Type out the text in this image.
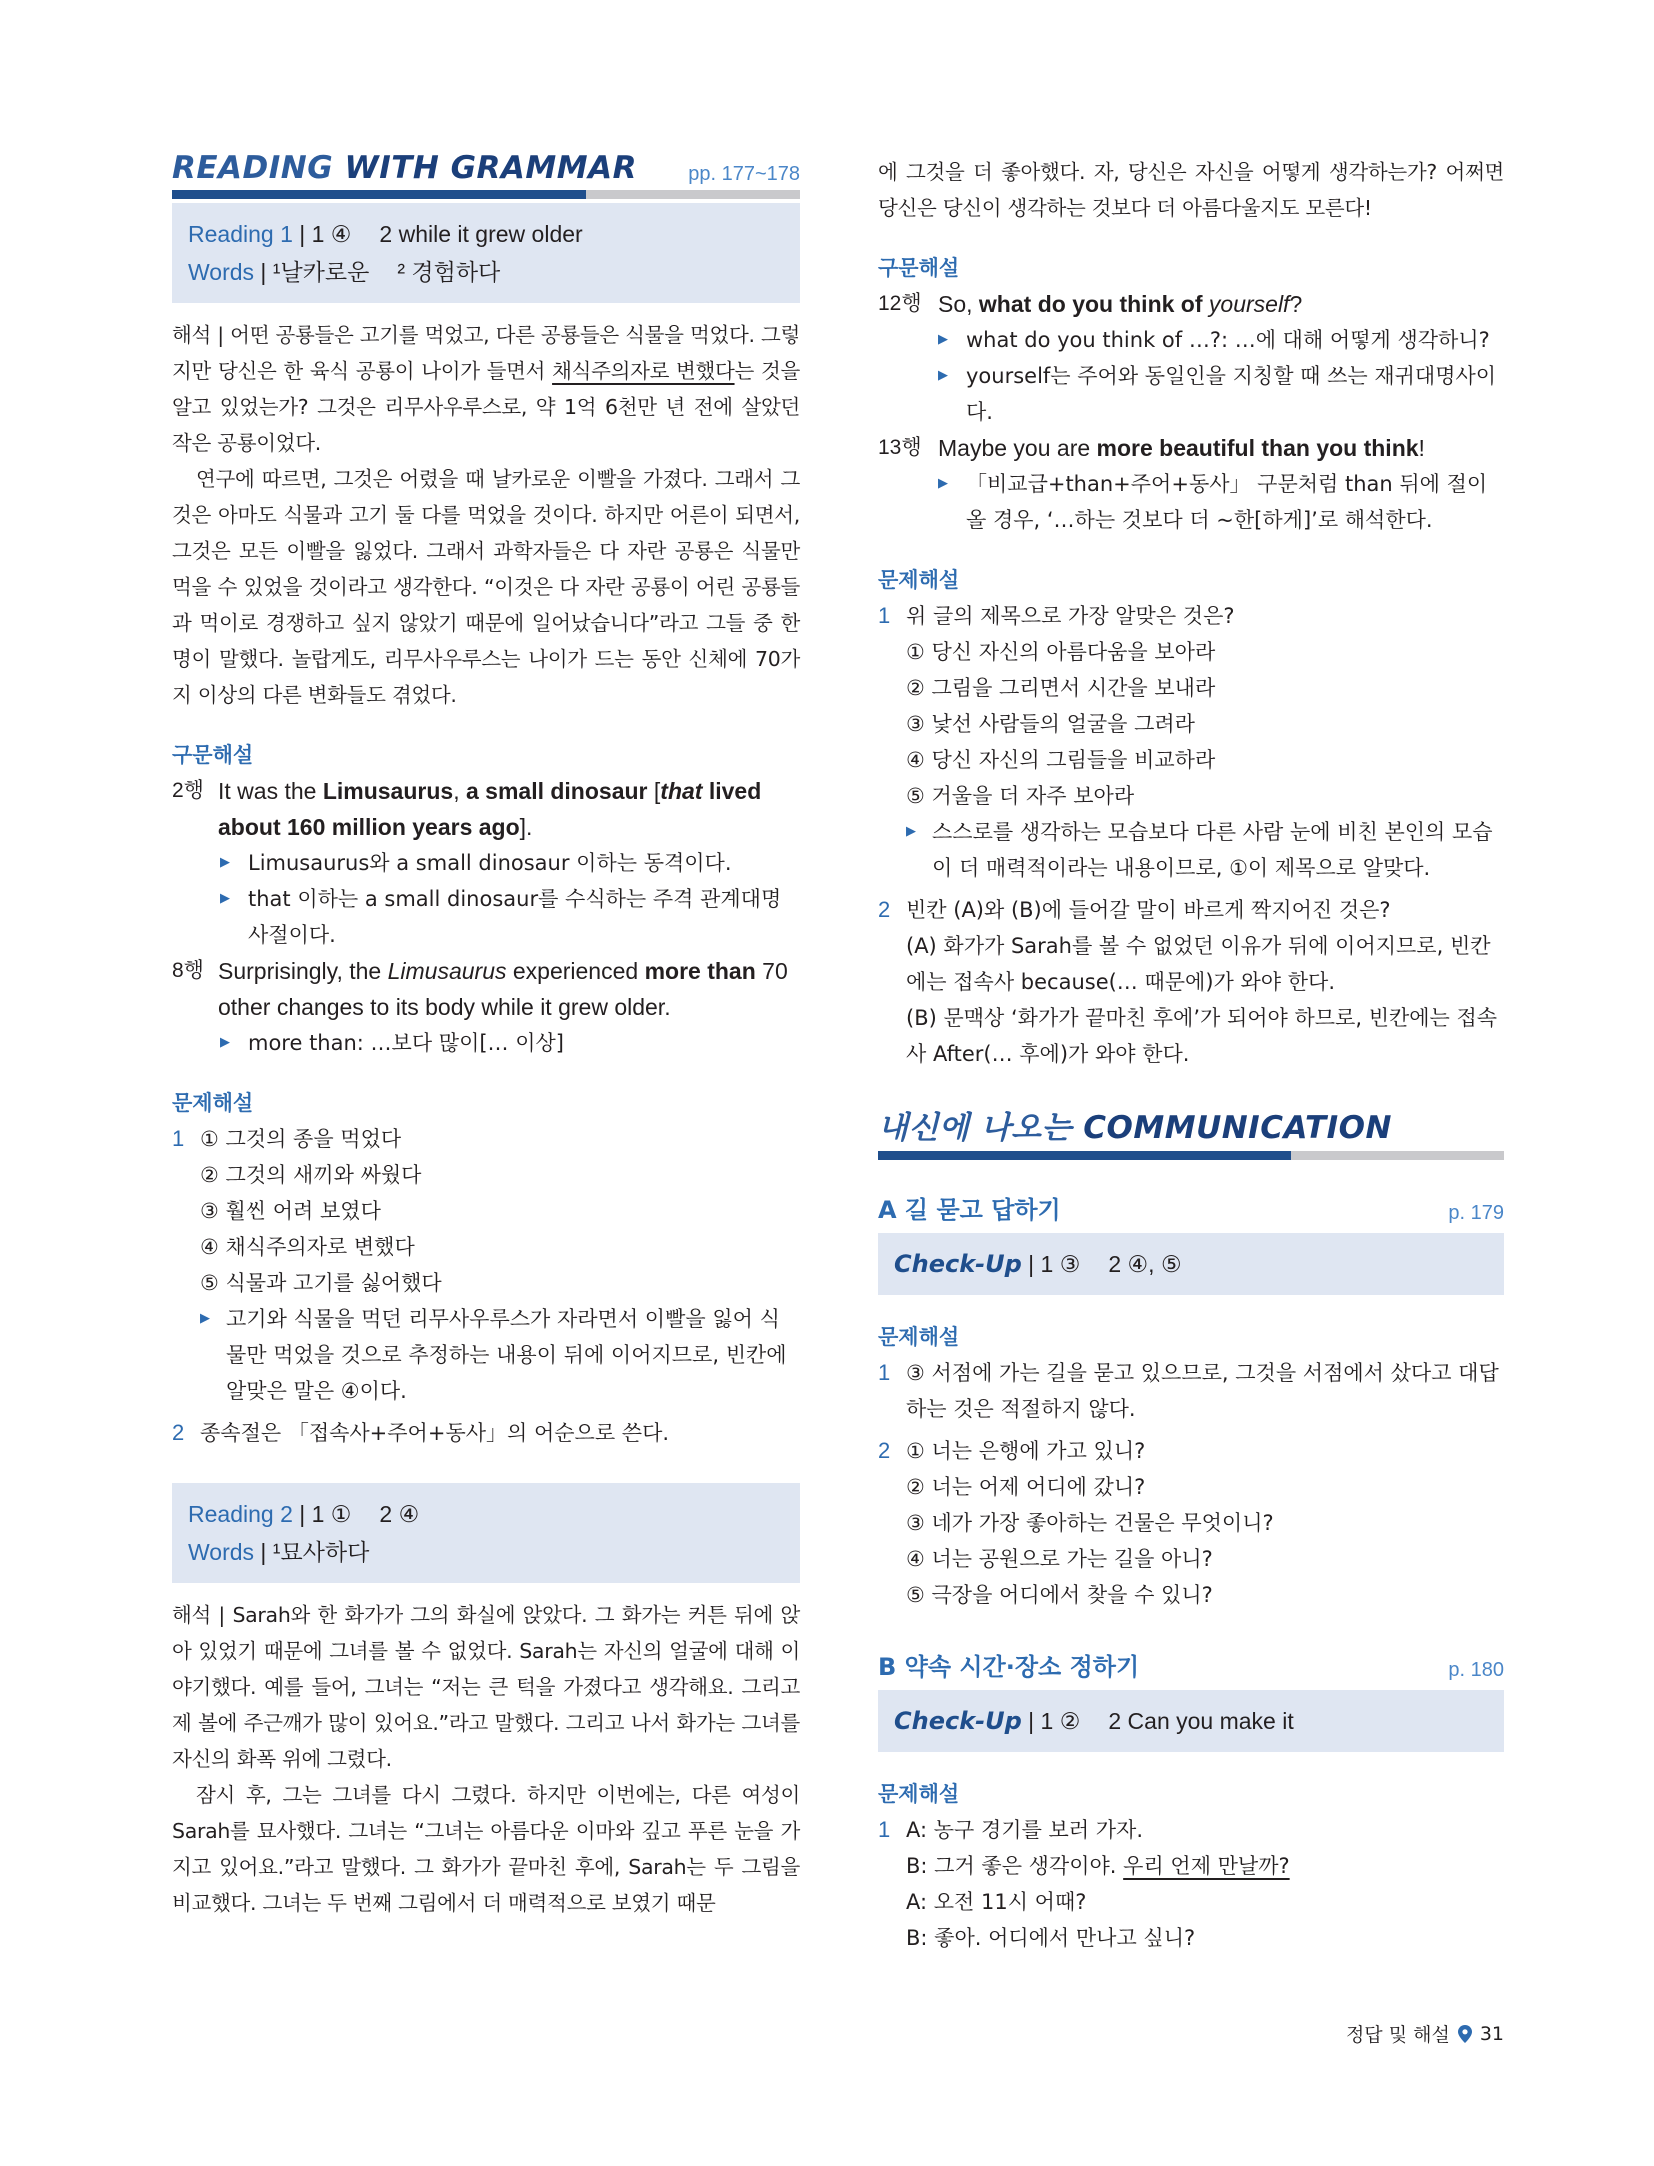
READING WITH GRAMMAR	pp. 177~178
Reading 1 | 1 ④ 2 while it grew older
Words | ¹날카로운 ² 경험하다

해석 | 어떤 공룡들은 고기를 먹었고, 다른 공룡들은 식물을 먹었다. 그렇지만 당신은 한 육식 공룡이 나이가 들면서 채식주의자로 변했다는 것을 알고 있었는가? 그것은 리무사우루스로, 약 1억 6천만 년 전에 살았던 작은 공룡이었다.

연구에 따르면, 그것은 어렸을 때 날카로운 이빨을 가졌다. 그래서 그것은 아마도 식물과 고기 둘 다를 먹었을 것이다. 하지만 어른이 되면서, 그것은 모든 이빨을 잃었다. 그래서 과학자들은 다 자란 공룡은 식물만 먹을 수 있었을 것이라고 생각한다. “이것은 다 자란 공룡이 어린 공룡들과 먹이로 경쟁하고 싶지 않았기 때문에 일어났습니다”라고 그들 중 한 명이 말했다. 놀랍게도, 리무사우루스는 나이가 드는 동안 신체에 70가지 이상의 다른 변화들도 겪었다.

구문해설
2행 It was the Limusaurus, a small dinosaur [that lived about 160 million years ago].
▶ Limusaurus와 a small dinosaur 이하는 동격이다.
▶ that 이하는 a small dinosaur를 수식하는 주격 관계대명사절이다.
8행 Surprisingly, the Limusaurus experienced more than 70 other changes to its body while it grew older.
▶ more than: …보다 많이[… 이상]
문제해설
1 ① 그것의 종을 먹었다
② 그것의 새끼와 싸웠다
③ 훨씬 어려 보였다
④ 채식주의자로 변했다
⑤ 식물과 고기를 싫어했다
▶ 고기와 식물을 먹던 리무사우루스가 자라면서 이빨을 잃어 식물만 먹었을 것으로 추정하는 내용이 뒤에 이어지므로, 빈칸에 알맞은 말은 ④이다.
2 종속절은 「접속사+주어+동사」의 어순으로 쓴다.
Reading 2 | 1 ① 2 ④
Words | ¹묘사하다

해석 | Sarah와 한 화가가 그의 화실에 앉았다. 그 화가는 커튼 뒤에 앉아 있었기 때문에 그녀를 볼 수 없었다. Sarah는 자신의 얼굴에 대해 이야기했다. 예를 들어, 그녀는 “저는 큰 턱을 가졌다고 생각해요. 그리고 제 볼에 주근깨가 많이 있어요.”라고 말했다. 그리고 나서 화가는 그녀를 자신의 화폭 위에 그렸다.

잠시 후, 그는 그녀를 다시 그렸다. 하지만 이번에는, 다른 여성이 Sarah를 묘사했다. 그녀는 “그녀는 아름다운 이마와 깊고 푸른 눈을 가지고 있어요.”라고 말했다. 그 화가가 끝마친 후에, Sarah는 두 그림을 비교했다. 그녀는 두 번째 그림에서 더 매력적으로 보였기 때문

에 그것을 더 좋아했다. 자, 당신은 자신을 어떻게 생각하는가? 어쩌면 당신은 당신이 생각하는 것보다 더 아름다울지도 모른다!

구문해설
12행 So, what do you think of yourself?
▶ what do you think of …?: …에 대해 어떻게 생각하니?
▶ yourself는 주어와 동일인을 지칭할 때 쓰는 재귀대명사이다.
13행 Maybe you are more beautiful than you think!
▶ 「비교급+than+주어+동사」 구문처럼 than 뒤에 절이 올 경우, ‘…하는 것보다 더 ~한[하게]’로 해석한다.
문제해설
1 위 글의 제목으로 가장 알맞은 것은?
① 당신 자신의 아름다움을 보아라
② 그림을 그리면서 시간을 보내라
③ 낯선 사람들의 얼굴을 그려라
④ 당신 자신의 그림들을 비교하라
⑤ 거울을 더 자주 보아라
▶ 스스로를 생각하는 모습보다 다른 사람 눈에 비친 본인의 모습이 더 매력적이라는 내용이므로, ①이 제목으로 알맞다.
2 빈칸 (A)와 (B)에 들어갈 말이 바르게 짝지어진 것은?
(A) 화가가 Sarah를 볼 수 없었던 이유가 뒤에 이어지므로, 빈칸에는 접속사 because(… 때문에)가 와야 한다.
(B) 문맥상 ‘화가가 끝마친 후에’가 되어야 하므로, 빈칸에는 접속사 After(… 후에)가 와야 한다.
내신에 나오는 COMMUNICATION
A 길 묻고 답하기	p. 179
Check-Up | 1 ③ 2 ④, ⑤
문제해설
1 ③ 서점에 가는 길을 묻고 있으므로, 그것을 서점에서 샀다고 대답하는 것은 적절하지 않다.
2 ① 너는 은행에 가고 있니?
② 너는 어제 어디에 갔니?
③ 네가 가장 좋아하는 건물은 무엇이니?
④ 너는 공원으로 가는 길을 아니?
⑤ 극장을 어디에서 찾을 수 있니?
B 약속 시간·장소 정하기	p. 180
Check-Up | 1 ② 2 Can you make it
문제해설
1 A: 농구 경기를 보러 가자.
B: 그거 좋은 생각이야. 우리 언제 만날까?
A: 오전 11시 어때?
B: 좋아. 어디에서 만나고 싶니?
정답 및 해설 31
